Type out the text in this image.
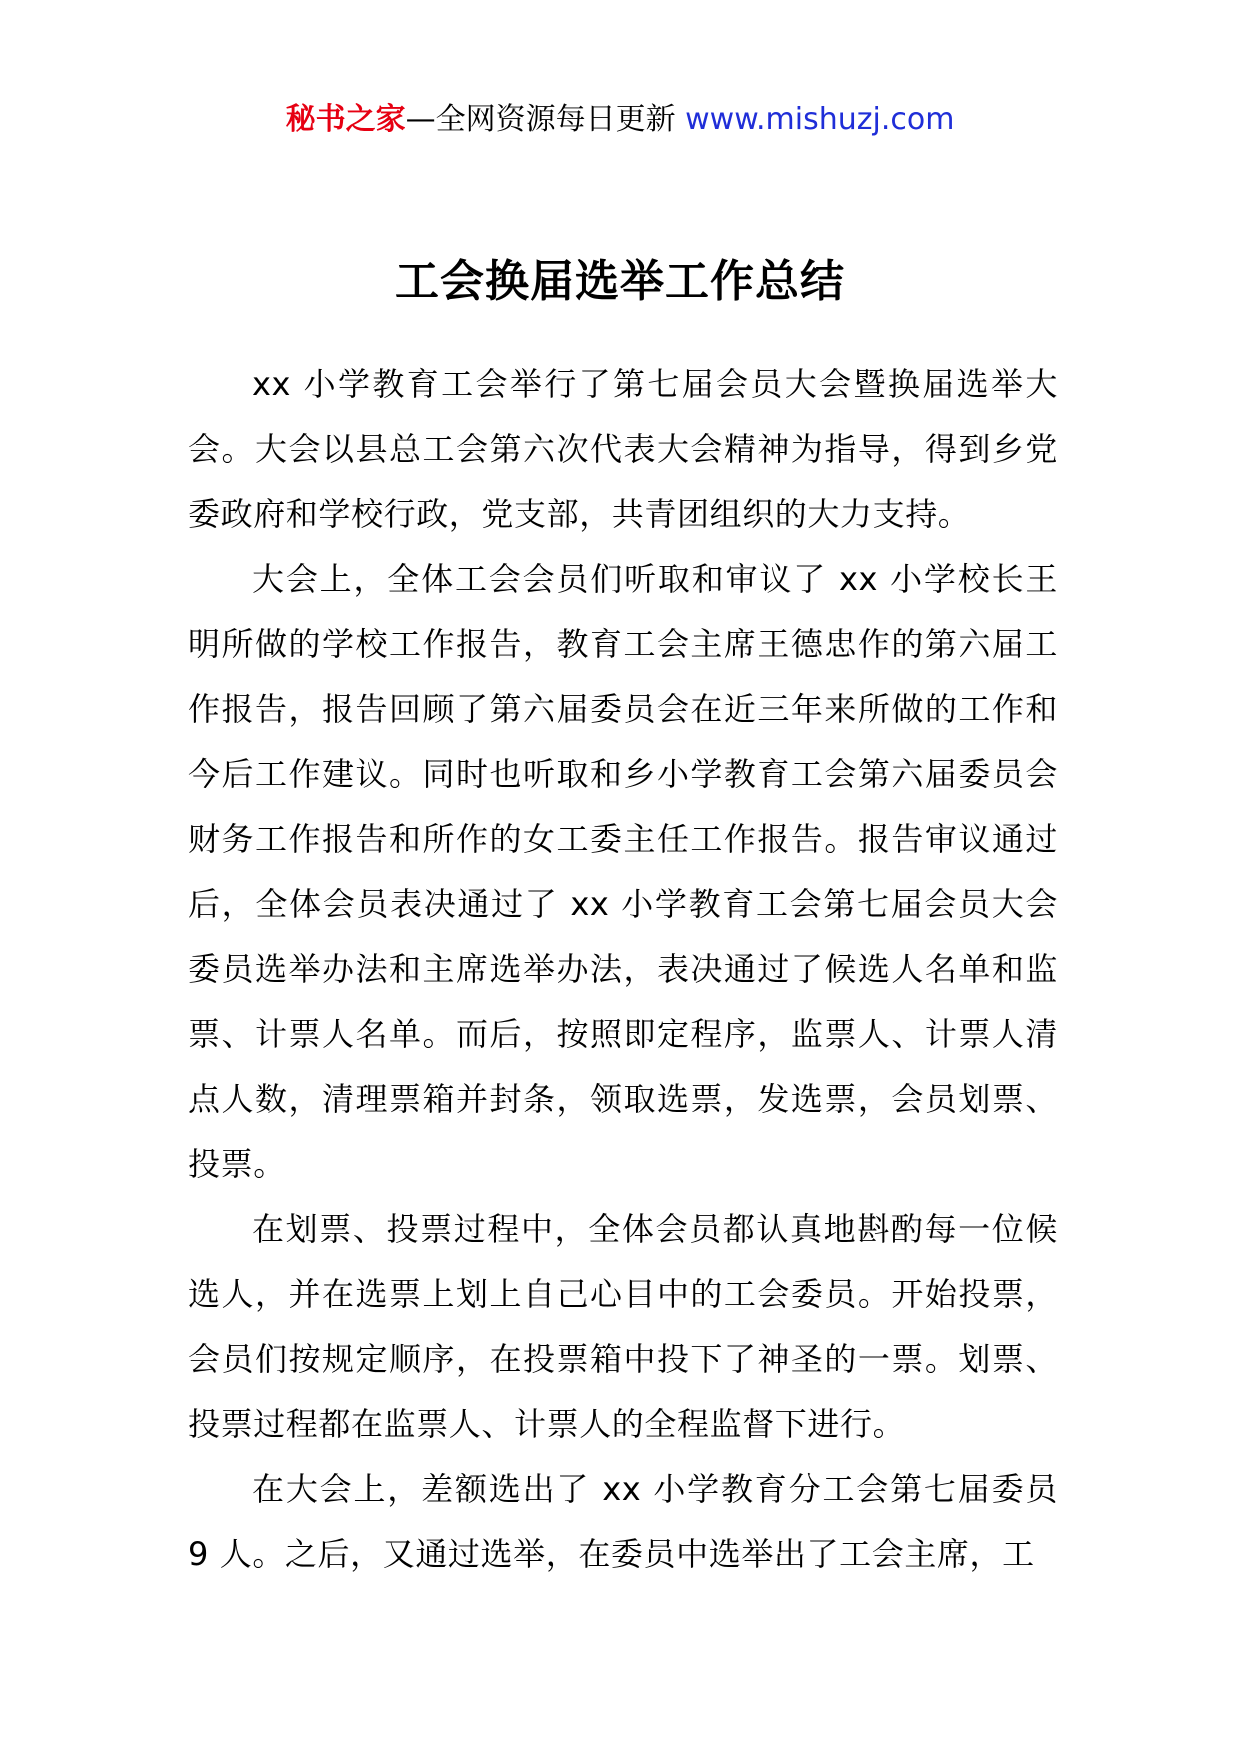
秘书之家—全网资源每日更新 www.mishuzj.com
工会换届选举工作总结

xx 小学教育工会举行了第七届会员大会暨换届选举大会。大会以县总工会第六次代表大会精神为指导，得到乡党委政府和学校行政，党支部，共青团组织的大力支持。

大会上，全体工会会员们听取和审议了 xx 小学校长王明所做的学校工作报告，教育工会主席王德忠作的第六届工作报告，报告回顾了第六届委员会在近三年来所做的工作和今后工作建议。同时也听取和乡小学教育工会第六届委员会财务工作报告和所作的女工委主任工作报告。报告审议通过后，全体会员表决通过了 xx 小学教育工会第七届会员大会委员选举办法和主席选举办法，表决通过了候选人名单和监票、计票人名单。而后，按照即定程序，监票人、计票人清点人数，清理票箱并封条，领取选票，发选票，会员划票、投票。

在划票、投票过程中，全体会员都认真地斟酌每一位候选人，并在选票上划上自己心目中的工会委员。开始投票，会员们按规定顺序，在投票箱中投下了神圣的一票。划票、投票过程都在监票人、计票人的全程监督下进行。

在大会上，差额选出了 xx 小学教育分工会第七届委员 9 人。之后，又通过选举，在委员中选举出了工会主席，工
